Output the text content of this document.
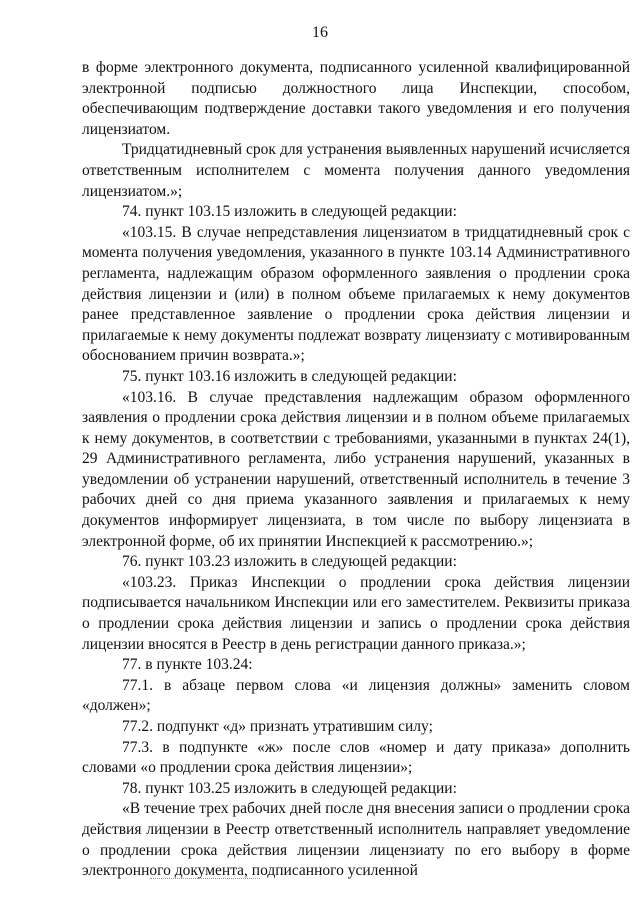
16

в форме электронного документа, подписанного усиленной квалифицированной электронной подписью должностного лица Инспекции, способом, обеспечивающим подтверждение доставки такого уведомления и его получения лицензиатом.

Тридцатидневный срок для устранения выявленных нарушений исчисляется ответственным исполнителем с момента получения данного уведомления лицензиатом.»;

74. пункт 103.15 изложить в следующей редакции:

«103.15. В случае непредставления лицензиатом в тридцатидневный срок с момента получения уведомления, указанного в пункте 103.14 Административного регламента, надлежащим образом оформленного заявления о продлении срока действия лицензии и (или) в полном объеме прилагаемых к нему документов ранее представленное заявление о продлении срока действия лицензии и прилагаемые к нему документы подлежат возврату лицензиату с мотивированным обоснованием причин возврата.»;

75. пункт 103.16 изложить в следующей редакции:

«103.16. В случае представления надлежащим образом оформленного заявления о продлении срока действия лицензии и в полном объеме прилагаемых к нему документов, в соответствии с требованиями, указанными в пунктах 24(1), 29 Административного регламента, либо устранения нарушений, указанных в уведомлении об устранении нарушений, ответственный исполнитель в течение 3 рабочих дней со дня приема указанного заявления и прилагаемых к нему документов информирует лицензиата, в том числе по выбору лицензиата в электронной форме, об их принятии Инспекцией к рассмотрению.»;

76. пункт 103.23 изложить в следующей редакции:

«103.23. Приказ Инспекции о продлении срока действия лицензии подписывается начальником Инспекции или его заместителем. Реквизиты приказа о продлении срока действия лицензии и запись о продлении срока действия лицензии вносятся в Реестр в день регистрации данного приказа.»;

77. в пункте 103.24:

77.1. в абзаце первом слова «и лицензия должны» заменить словом «должен»;

77.2. подпункт «д» признать утратившим силу;

77.3. в подпункте «ж» после слов «номер и дату приказа» дополнить словами «о продлении срока действия лицензии»;

78. пункт 103.25 изложить в следующей редакции:

«В течение трех рабочих дней после дня внесения записи о продлении срока действия лицензии в Реестр ответственный исполнитель направляет уведомление о продлении срока действия лицензии лицензиату по его выбору в форме электронного документа, подписанного усиленной
